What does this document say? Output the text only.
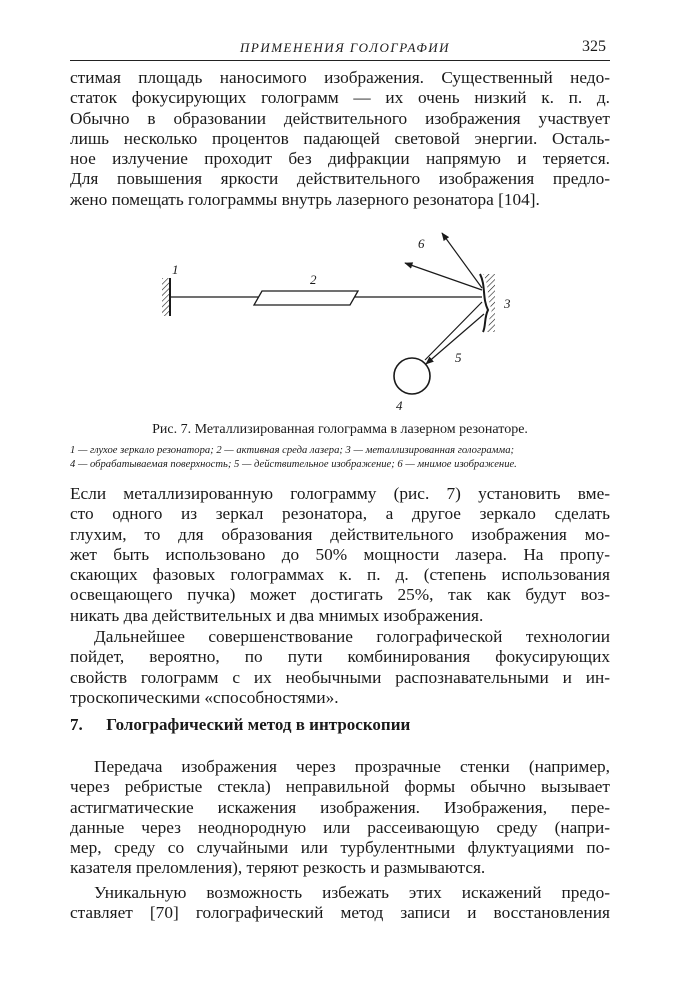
ПРИМЕНЕНИЯ ГОЛОГРАФИИ	325
стимая площадь наносимого изображения. Существенный недо-
статок фокусирующих голограмм — их очень низкий к. п. д.
Обычно в образовании действительного изображения участвует
лишь несколько процентов падающей световой энергии. Осталь-
ное излучение проходит без дифракции напрямую и теряется.
Для повышения яркости действительного изображения предло-
жено помещать голограммы внутрь лазерного резонатора [104].
1
2
3
4
5
6
Рис. 7. Металлизированная голограмма в лазерном резонаторе.
1 — глухое зеркало резонатора; 2 — активная среда лазера; 3 — металлизированная голограмма;
4 — обрабатываемая поверхность; 5 — действительное изображение; 6 — мнимое изображение.
Если металлизированную голограмму (рис. 7) установить вме-
сто одного из зеркал резонатора, а другое зеркало сделать
глухим, то для образования действительного изображения мо-
жет быть использовано до 50% мощности лазера. На пропу-
скающих фазовых голограммах к. п. д. (степень использования
освещающего пучка) может достигать 25%, так как будут воз-
никать два действительных и два мнимых изображения.
Дальнейшее совершенствование голографической технологии
пойдет, вероятно, по пути комбинирования фокусирующих
свойств голограмм с их необычными распознавательными и ин-
троскопическими «способностями».
7. Голографический метод в интроскопии
Передача изображения через прозрачные стенки (например,
через ребристые стекла) неправильной формы обычно вызывает
астигматические искажения изображения. Изображения, пере-
данные через неоднородную или рассеивающую среду (напри-
мер, среду со случайными или турбулентными флуктуациями по-
казателя преломления), теряют резкость и размываются.
Уникальную возможность избежать этих искажений предо-
ставляет [70] голографический метод записи и восстановления
